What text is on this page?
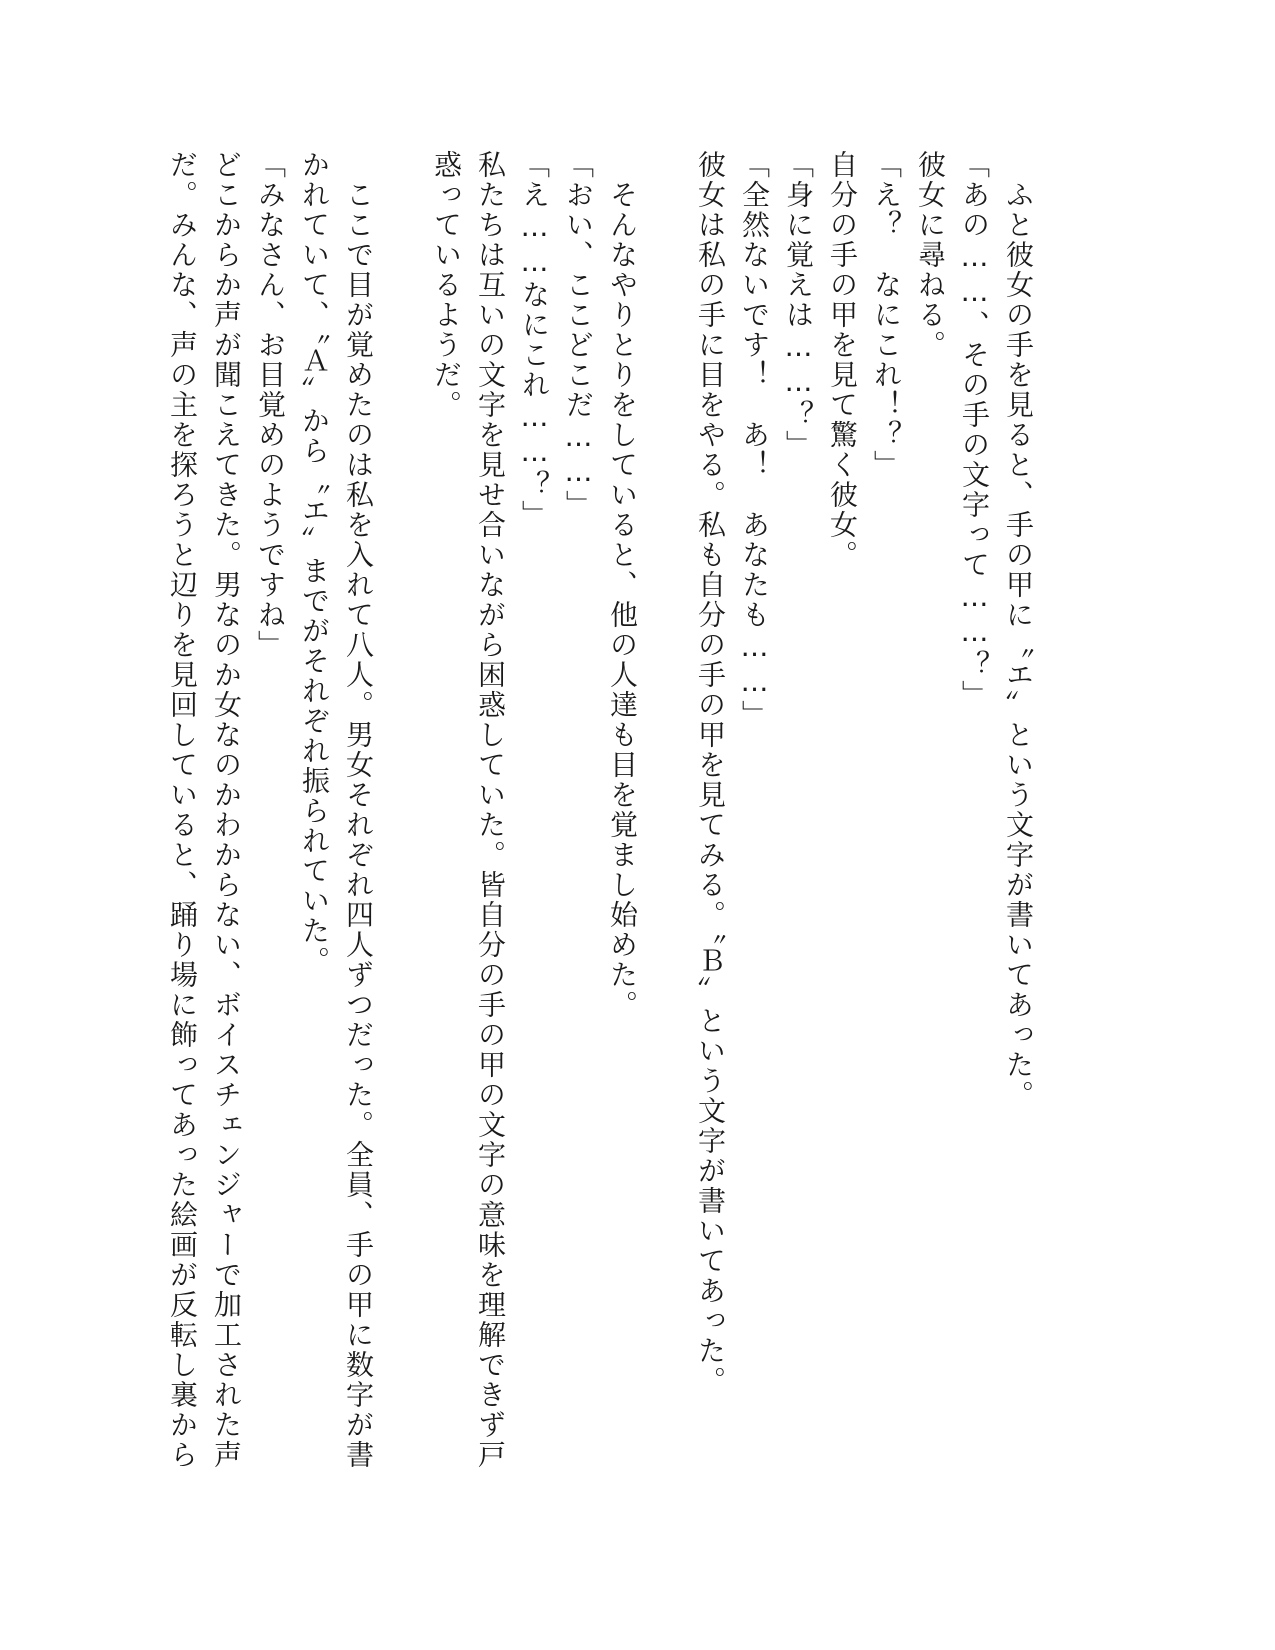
　ふと彼女の手を見ると、手の甲に〝エ〟という文字が書いてあった。
「あの……、その手の文字って……？」
彼女に尋ねる。
「え？　なにこれ！？」
自分の手の甲を見て驚く彼女。
「身に覚えは……？」
「全然ないです！　あ！　あなたも……」
彼女は私の手に目をやる。私も自分の手の甲を見てみる。〝Ｂ〟という文字が書いてあった。
　そんなやりとりをしていると、他の人達も目を覚まし始めた。
「おい、ここどこだ……」
「え……なにこれ……？」
私たちは互いの文字を見せ合いながら困惑していた。皆自分の手の甲の文字の意味を理解できず戸惑っているようだ。
　ここで目が覚めたのは私を入れて八人。男女それぞれ四人ずつだった。全員、手の甲に数字が書かれていて、〝Ａ〟から〝エ〟までがそれぞれ振られていた。
「みなさん、お目覚めのようですね」
どこからか声が聞こえてきた。男なのか女なのかわからない、ボイスチェンジャーで加工された声だ。みんな、声の主を探ろうと辺りを見回していると、踊り場に飾ってあった絵画が反転し裏から
